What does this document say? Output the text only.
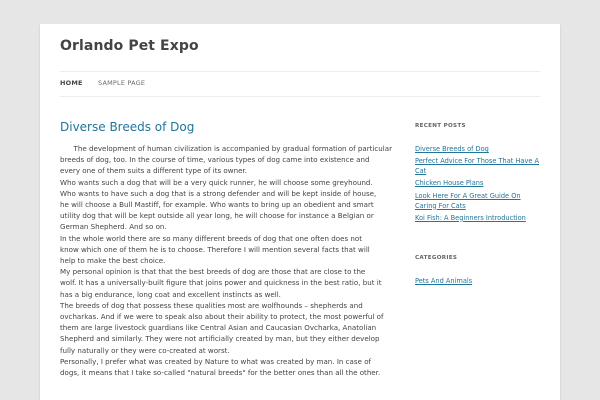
Orlando Pet Expo
HOME SAMPLE PAGE
Diverse Breeds of Dog

The development of human civilization is accompanied by gradual formation of particular

breeds of dog, too. In the course of time, various types of dog came into existence and

every one of them suits a different type of its owner.

Who wants such a dog that will be a very quick runner, he will choose some greyhound.

Who wants to have such a dog that is a strong defender and will be kept inside of house,

he will choose a Bull Mastiff, for example. Who wants to bring up an obedient and smart

utility dog that will be kept outside all year long, he will choose for instance a Belgian or

German Shepherd. And so on.

In the whole world there are so many different breeds of dog that one often does not

know which one of them he is to choose. Therefore I will mention several facts that will

help to make the best choice.

My personal opinion is that that the best breeds of dog are those that are close to the

wolf. It has a universally-built figure that joins power and quickness in the best ratio, but it

has a big endurance, long coat and excellent instincts as well.

The breeds of dog that possess these qualities most are wolfhounds – shepherds and

ovcharkas. And if we were to speak also about their ability to protect, the most powerful of

them are large livestock guardians like Central Asian and Caucasian Ovcharka, Anatolian

Shepherd and similarly. They were not artificially created by man, but they either develop

fully naturally or they were co-created at worst.

Personally, I prefer what was created by Nature to what was created by man. In case of

dogs, it means that I take so-called "natural breeds" for the better ones than all the other.

RECENT POSTS
Diverse Breeds of Dog
Perfect Advice For Those That Have A Cat
Chicken House Plans
Look Here For A Great Guide On Caring For Cats
Koi Fish: A Beginners Introduction
CATEGORIES
Pets And Animals
